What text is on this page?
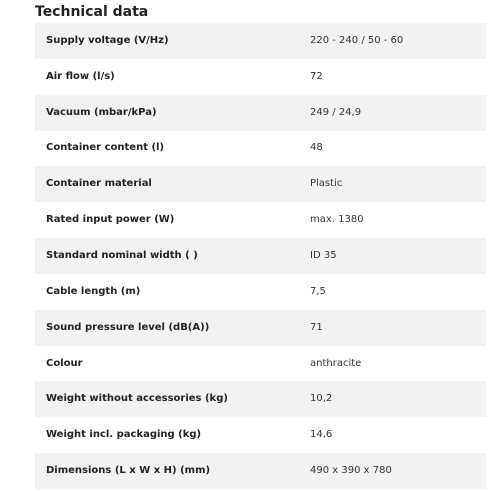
Technical data
Supply voltage (V/Hz)	220 - 240 / 50 - 60
Air flow (l/s)	72
Vacuum (mbar/kPa)	249 / 24,9
Container content (l)	48
Container material	Plastic
Rated input power (W)	max. 1380
Standard nominal width ( )	ID 35
Cable length (m)	7,5
Sound pressure level (dB(A))	71
Colour	anthracite
Weight without accessories (kg)	10,2
Weight incl. packaging (kg)	14,6
Dimensions (L x W x H) (mm)	490 x 390 x 780
